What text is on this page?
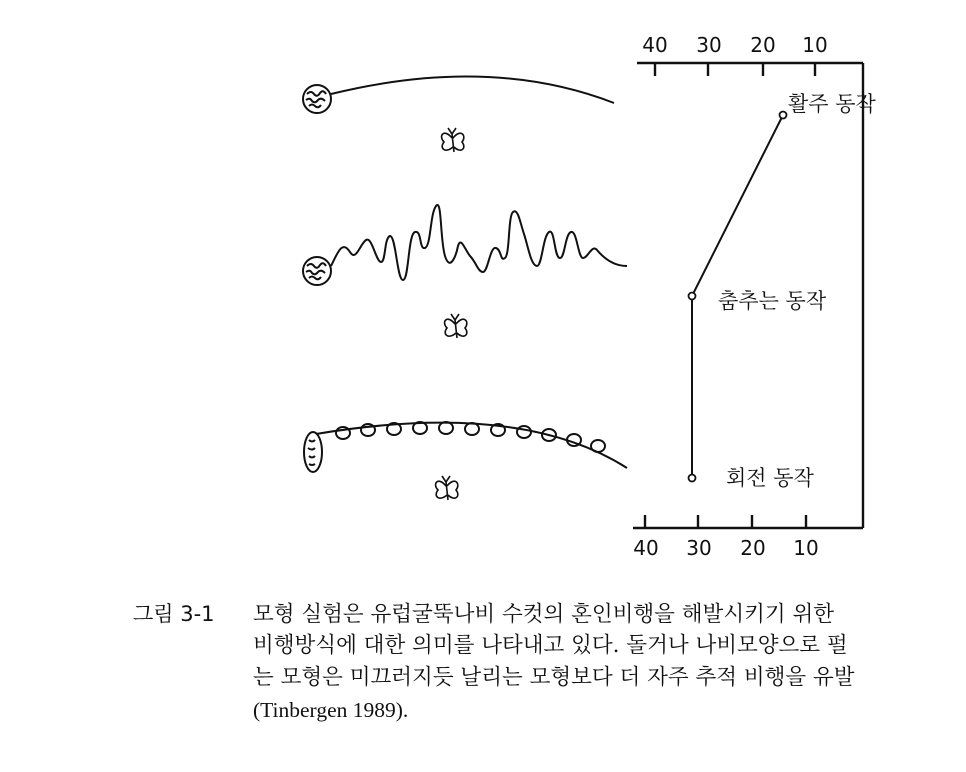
40 30 20 10
40 30 20 10
활주 동작
춤추는 동작
회전 동작
그림 3-1 모형 실험은 유럽굴뚝나비 수컷의 혼인비행을 해발시키기 위한
비행방식에 대한 의미를 나타내고 있다. 돌거나 나비모양으로 펄
는 모형은 미끄러지듯 날리는 모형보다 더 자주 추적 비행을 유발
(Tinbergen 1989).
